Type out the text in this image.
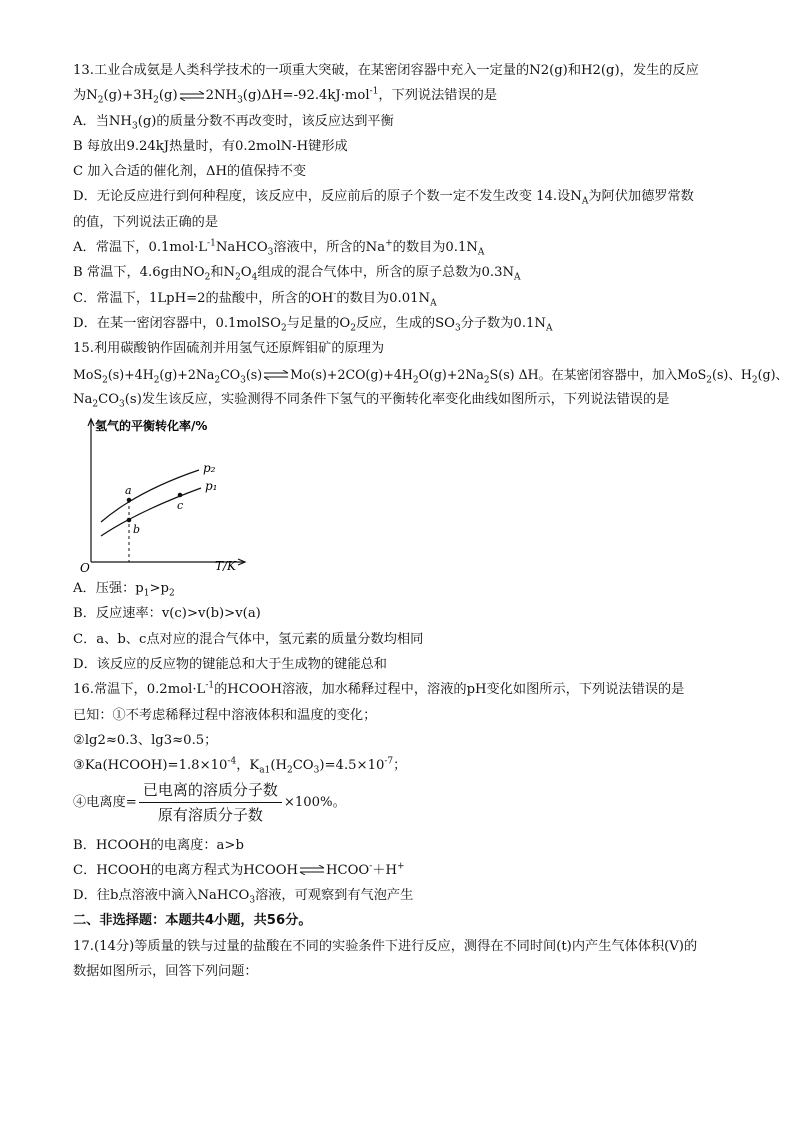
13.工业合成氨是人类科学技术的一项重大突破，在某密闭容器中充入一定量的N2(g)和H2(g)，发生的反应
为$N_2(g)+3H_2(g)\rightleftharpoons 2NH_3(g)\Delta H=-92.4kJ\cdot mol^{-1}$，下列说法错误的是
A．当$NH_3(g)$的质量分数不再改变时，该反应达到平衡
B 每放出9.24kJ热量时，有0.2molN-H键形成
C 加入合适的催化剂，ΔH的值保持不变
D．无论反应进行到何种程度，该反应中，反应前后的原子个数一定不发生改变 14.设$N_A$为阿伏加德罗常数
的值，下列说法正确的是
A．常温下，$0.1mol\cdot L^{-1}NaHCO_3$溶液中，所含的Na+的数目为$0.1N_A$
B 常温下，4.6g由$NO_2$和$N_2O_4$组成的混合气体中，所含的原子总数为$0.3N_A$
C．常温下，1LpH=2的盐酸中，所含的OH-的数目为$0.01N_A$
D．在某一密闭容器中，0.1molSO$_2$与足量的$O_2$反应，生成的$SO_3$分子数为$0.1N_A$
15.利用碳酸钠作固硫剂并用氢气还原辉钼矿的原理为
$MoS_2(s)+4H_2(g)+2Na_2CO_3(s)\rightleftharpoons Mo(s)+2CO(g)+4H_2O(g)+2Na_2S(s)$ ΔH。在某密闭容器中，加入MoS$_2$(s)、$H_2(g)$、
$Na_2CO_3(s)$发生该反应，实验测得不同条件下氢气的平衡转化率变化曲线如图所示，下列说法错误的是
氢气的平衡转化率/%
T/K
O
p₂
p₁
a
b
c
A．压强：$p_1>p_2$
B．反应速率：v(c)>v(b)>v(a)
C．a、b、c点对应的混合气体中，氢元素的质量分数均相同
D．该反应的反应物的键能总和大于生成物的键能总和
16.常温下，$0.2mol\cdot L^{-1}$的HCOOH溶液，加水稀释过程中，溶液的pH变化如图所示，下列说法错误的是
已知：①不考虑稀释过程中溶液体积和温度的变化；
②lg2≈0.3、lg3≈0.5；
$③Ka(HCOOH)=1.8\times 10^{-4}$，$K_{a1}(H_2CO_3)=4.5\times 10^{-7}$；
④电离度= $\frac{\text{已电离的溶质分子数}}{\text{原有溶质分子数}} \times 100\%$。
B．HCOOH的电离度：a>b
C．HCOOH的电离方程式为HCOOH⇌HCOO-＋H+
D．往b点溶液中滴入NaHCO$_3$溶液，可观察到有气泡产生
二、非选择题：本题共4小题，共56分。
17.(14分)等质量的铁与过量的盐酸在不同的实验条件下进行反应，测得在不同时间(t)内产生气体体积(V)的
数据如图所示，回答下列问题：
